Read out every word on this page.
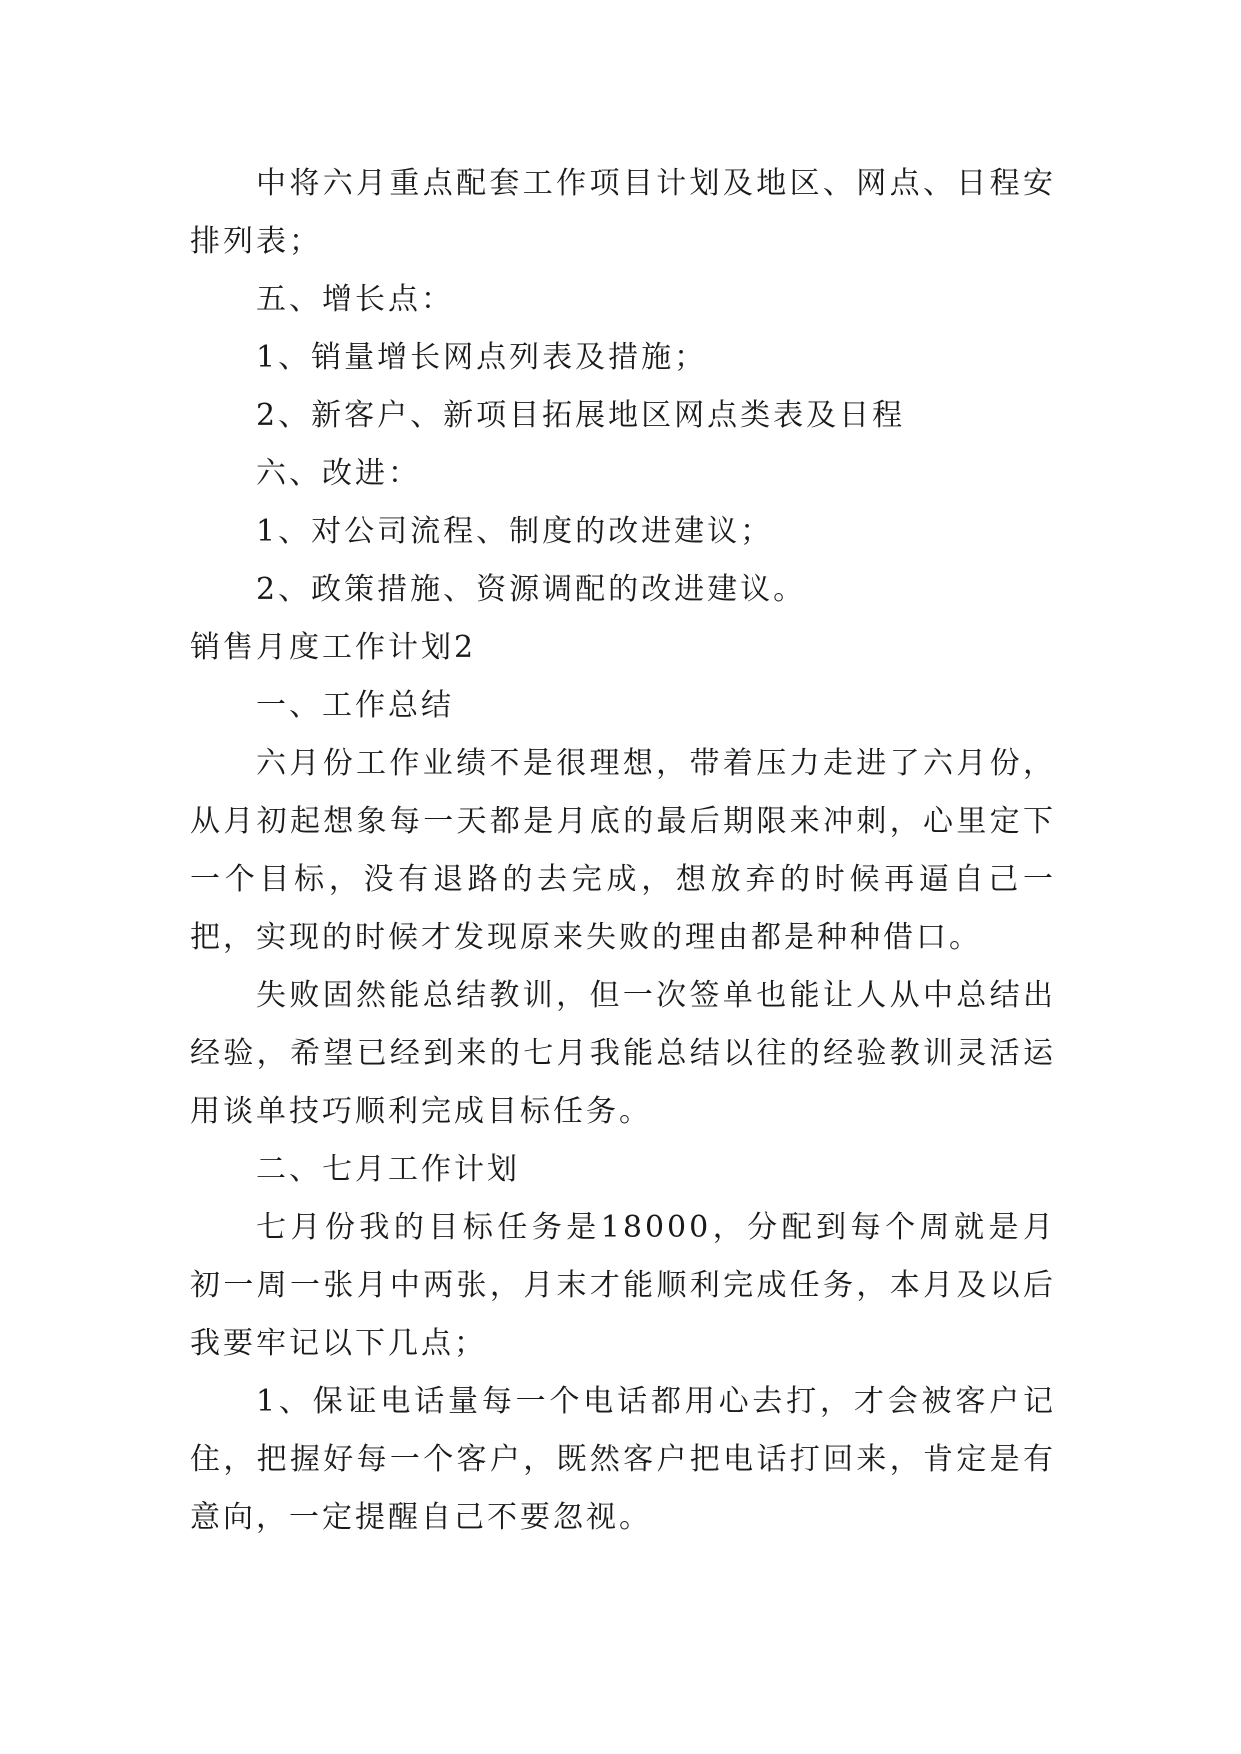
中将六月重点配套工作项目计划及地区、网点、日程安排列表；

五、增长点：

1、销量增长网点列表及措施；

2、新客户、新项目拓展地区网点类表及日程

六、改进：

1、对公司流程、制度的改进建议；

2、政策措施、资源调配的改进建议。

销售月度工作计划2

一、工作总结

六月份工作业绩不是很理想，带着压力走进了六月份，从月初起想象每一天都是月底的最后期限来冲刺，心里定下一个目标，没有退路的去完成，想放弃的时候再逼自己一把，实现的时候才发现原来失败的理由都是种种借口。

失败固然能总结教训，但一次签单也能让人从中总结出经验，希望已经到来的七月我能总结以往的经验教训灵活运用谈单技巧顺利完成目标任务。

二、七月工作计划

七月份我的目标任务是18000，分配到每个周就是月初一周一张月中两张，月末才能顺利完成任务，本月及以后我要牢记以下几点；

1、保证电话量每一个电话都用心去打，才会被客户记住，把握好每一个客户，既然客户把电话打回来，肯定是有意向，一定提醒自己不要忽视。
